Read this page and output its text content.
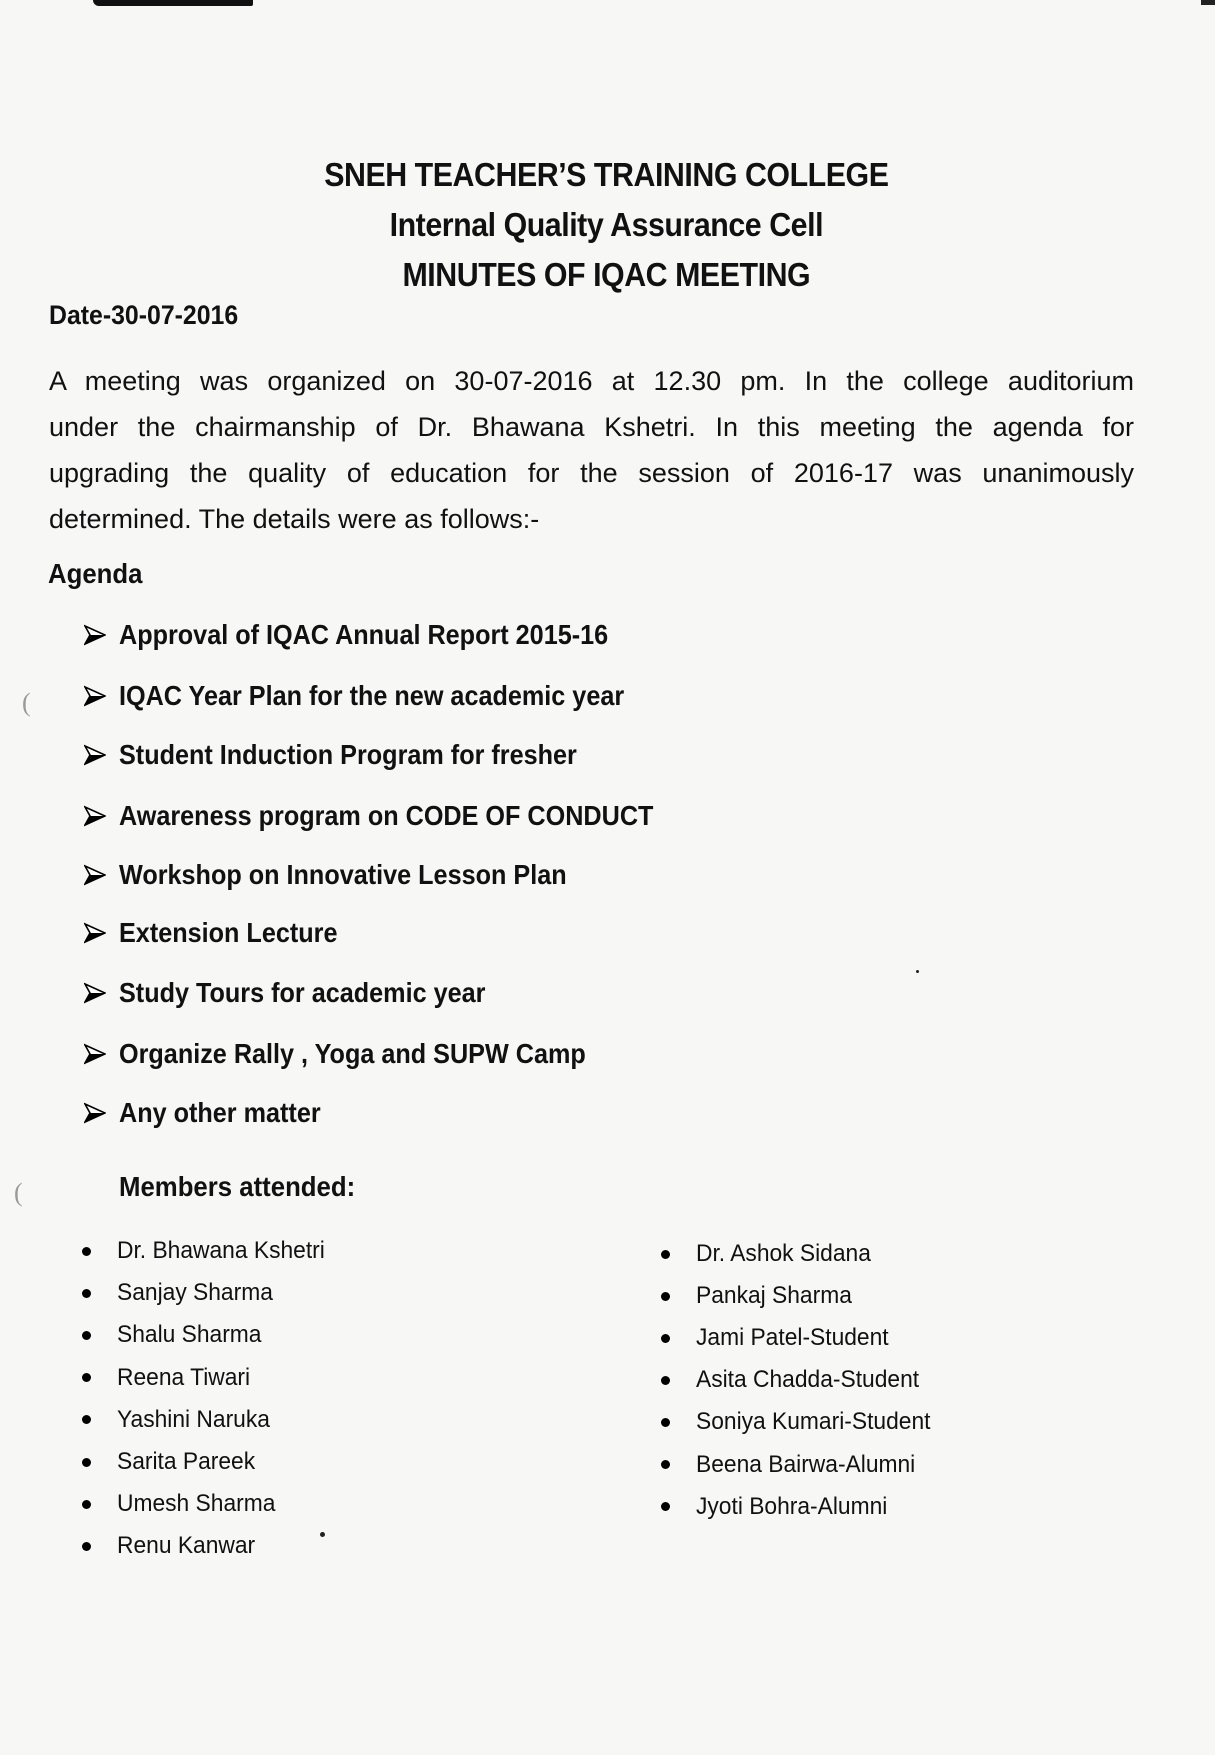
(
(
SNEH TEACHER’S TRAINING COLLEGE
Internal Quality Assurance Cell
MINUTES OF IQAC MEETING
Date-30-07-2016
A meeting was organized on 30-07-2016 at 12.30 pm. In the college auditorium
under the chairmanship of Dr. Bhawana Kshetri. In this meeting the agenda for
upgrading the quality of education for the session of 2016-17 was unanimously
determined. The details were as follows:-
Agenda
Approval of IQAC Annual Report 2015-16
IQAC Year Plan for the new academic year
Student Induction Program for fresher
Awareness program on CODE OF CONDUCT
Workshop on Innovative Lesson Plan
Extension Lecture
Study Tours for academic year
Organize Rally , Yoga and SUPW Camp
Any other matter
Members attended:
Dr. Bhawana Kshetri
Sanjay Sharma
Shalu Sharma
Reena Tiwari
Yashini Naruka
Sarita Pareek
Umesh Sharma
Renu Kanwar
Dr. Ashok Sidana
Pankaj Sharma
Jami Patel-Student
Asita Chadda-Student
Soniya Kumari-Student
Beena Bairwa-Alumni
Jyoti Bohra-Alumni
